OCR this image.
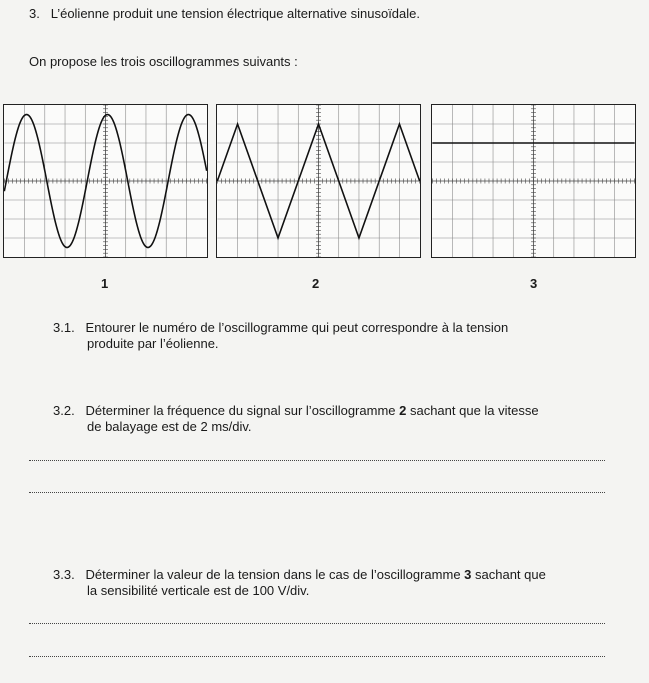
3. L’éolienne produit une tension électrique alternative sinusoïdale.
On propose les trois oscillogrammes suivants :
1	2	3
3.1. Entourer le numéro de l’oscillogramme qui peut correspondre à la tension
produite par l’éolienne.
3.2. Déterminer la fréquence du signal sur l’oscillogramme 2 sachant que la vitesse
de balayage est de 2 ms/div.
3.3. Déterminer la valeur de la tension dans le cas de l’oscillogramme 3 sachant que
la sensibilité verticale est de 100 V/div.
